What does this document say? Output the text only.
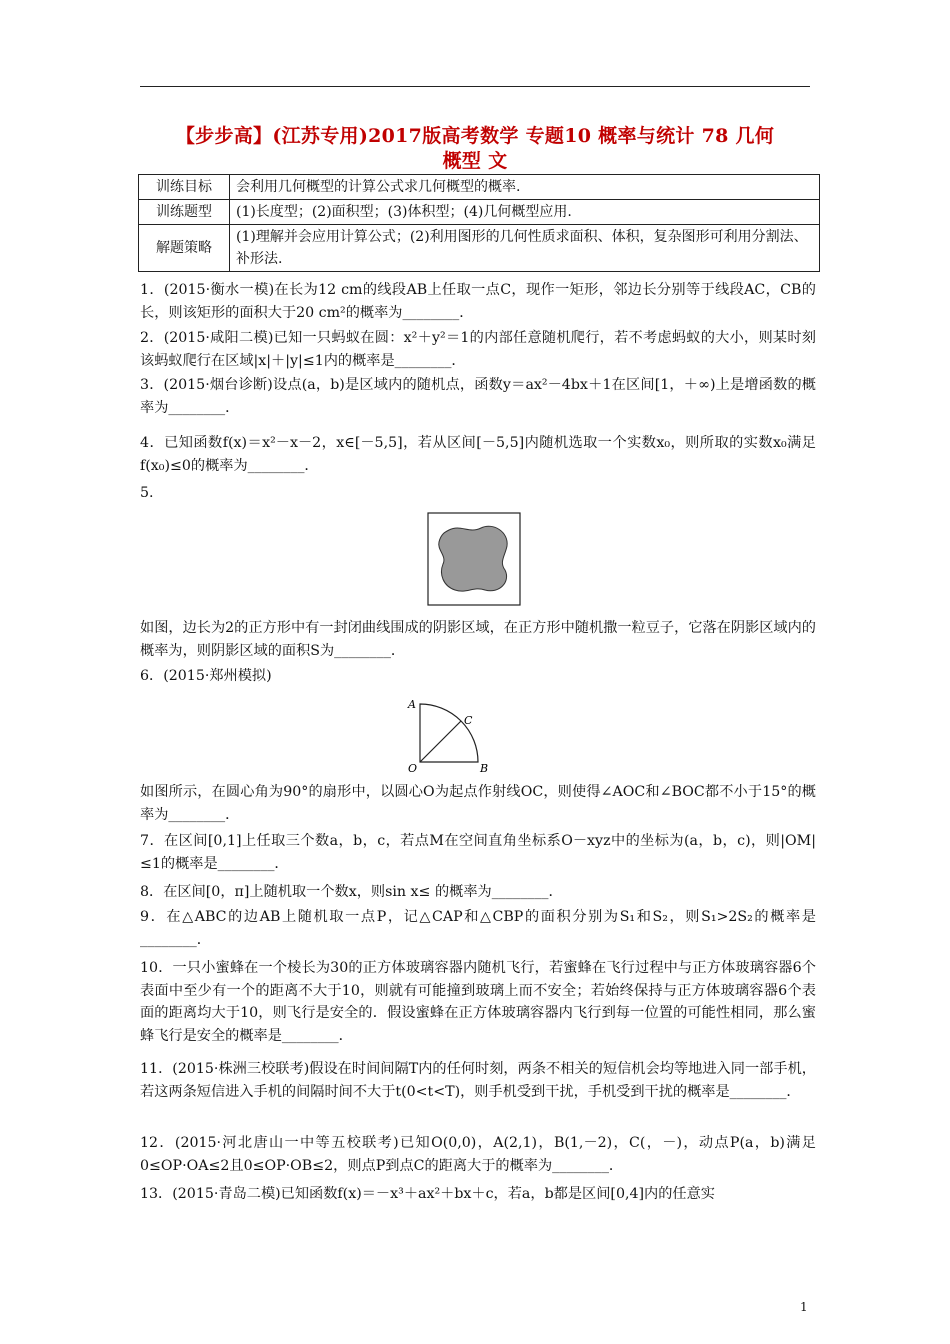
【步步高】(江苏专用)2017版高考数学 专题10 概率与统计 78 几何
概型 文
训练目标	会利用几何概型的计算公式求几何概型的概率.
训练题型	(1)长度型；(2)面积型；(3)体积型；(4)几何概型应用.
解题策略	(1)理解并会应用计算公式；(2)利用图形的几何性质求面积、体积，复杂图形可利用分割法、补形法.
1．(2015·衡水一模)在长为12 cm的线段AB上任取一点C，现作一矩形，邻边长分别等于线段AC，CB的长，则该矩形的面积大于20 cm²的概率为________．
2．(2015·咸阳二模)已知一只蚂蚁在圆：x²＋y²＝1的内部任意随机爬行，若不考虑蚂蚁的大小，则某时刻该蚂蚁爬行在区域|x|＋|y|≤1内的概率是________．
3．(2015·烟台诊断)设点(a，b)是区域内的随机点，函数y＝ax²－4bx＋1在区间[1，＋∞)上是增函数的概率为________．
4．已知函数f(x)＝x²－x－2，x∈[－5,5]，若从区间[－5,5]内随机选取一个实数x₀，则所取的实数x₀满足f(x₀)≤0的概率为________．
5.
如图，边长为2的正方形中有一封闭曲线围成的阴影区域，在正方形中随机撒一粒豆子，它落在阴影区域内的概率为，则阴影区域的面积S为________．
6．(2015·郑州模拟)
A
C
O	B
如图所示，在圆心角为90°的扇形中，以圆心O为起点作射线OC，则使得∠AOC和∠BOC都不小于15°的概率为________．
7．在区间[0,1]上任取三个数a，b，c，若点M在空间直角坐标系O－xyz中的坐标为(a，b，c)，则|OM|≤1的概率是________．
8．在区间[0，π]上随机取一个数x，则sin x≤ 的概率为________．
9．在△ABC的边AB上随机取一点P，记△CAP和△CBP的面积分别为S₁和S₂，则S₁>2S₂的概率是________．
10．一只小蜜蜂在一个棱长为30的正方体玻璃容器内随机飞行，若蜜蜂在飞行过程中与正方体玻璃容器6个表面中至少有一个的距离不大于10，则就有可能撞到玻璃上而不安全；若始终保持与正方体玻璃容器6个表面的距离均大于10，则飞行是安全的．假设蜜蜂在正方体玻璃容器内飞行到每一位置的可能性相同，那么蜜蜂飞行是安全的概率是________．
11．(2015·株洲三校联考)假设在时间间隔T内的任何时刻，两条不相关的短信机会均等地进入同一部手机，若这两条短信进入手机的间隔时间不大于t(0<t<T)，则手机受到干扰，手机受到干扰的概率是________．
12．(2015·河北唐山一中等五校联考)已知O(0,0)，A(2,1)，B(1,－2)，C(，－)，动点P(a，b)满足0≤OP·OA≤2且0≤OP·OB≤2，则点P到点C的距离大于的概率为________．
13．(2015·青岛二模)已知函数f(x)＝－x³＋ax²＋bx＋c，若a，b都是区间[0,4]内的任意实
1
